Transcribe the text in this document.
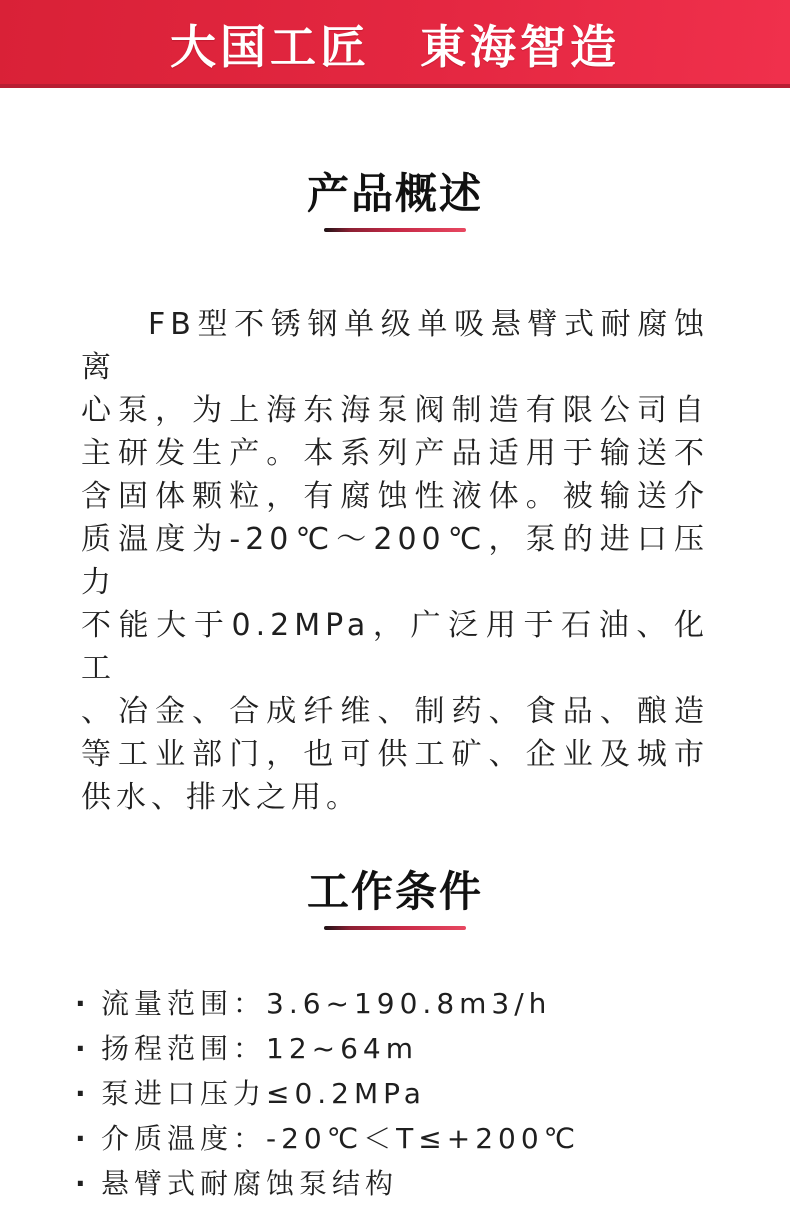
大国工匠　東海智造
产品概述
FB型不锈钢单级单吸悬臂式耐腐蚀离
心泵，为上海东海泵阀制造有限公司自
主研发生产。本系列产品适用于输送不
含固体颗粒，有腐蚀性液体。被输送介
质温度为-20℃～200℃，泵的进口压力
不能大于0.2MPa，广泛用于石油、化工
、冶金、合成纤维、制药、食品、酿造
等工业部门，也可供工矿、企业及城市
供水、排水之用。
工作条件
· 流量范围：3.6~190.8m3/h
· 扬程范围：12~64m
· 泵进口压力≤0.2MPa
· 介质温度：-20℃＜T≤+200℃
· 悬臂式耐腐蚀泵结构
